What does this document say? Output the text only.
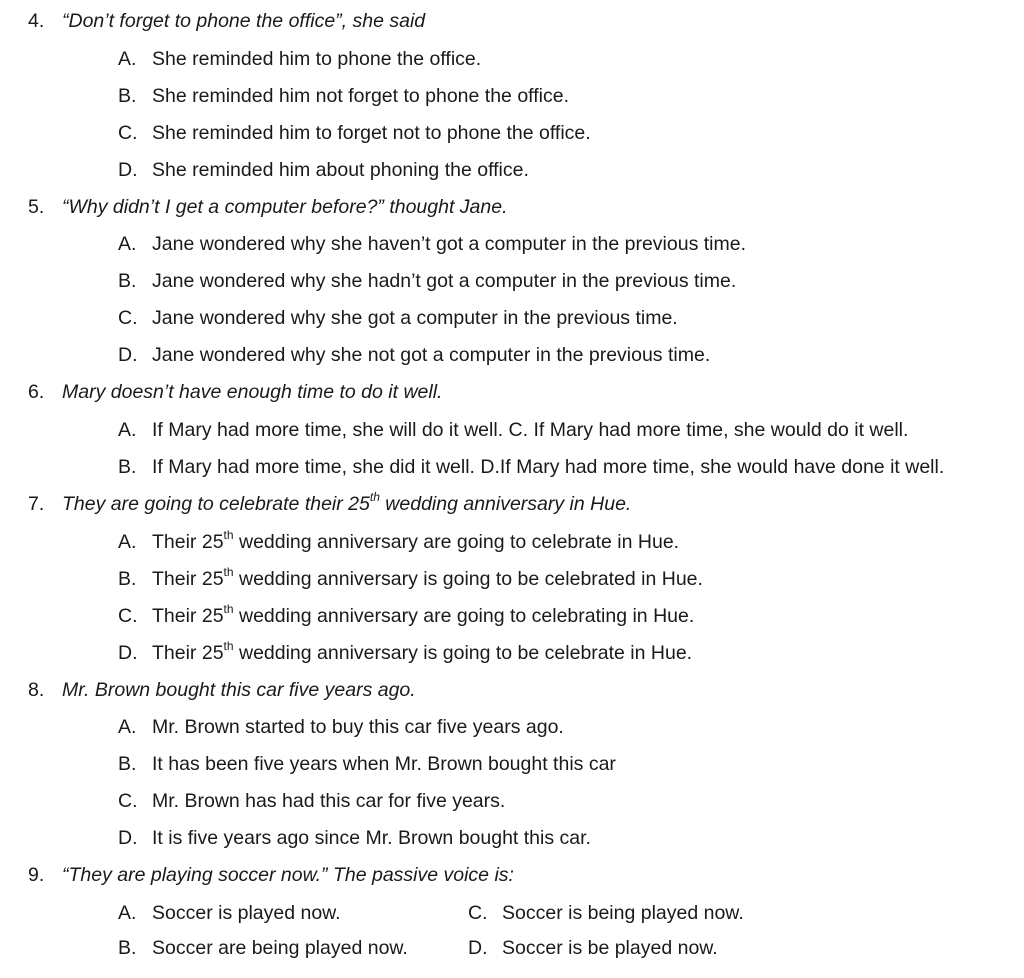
4. “Don’t forget to phone the office”, she said
A. She reminded him to phone the office.
B. She reminded him not forget to phone the office.
C. She reminded him to forget not to phone the office.
D. She reminded him about phoning the office.
5. “Why didn’t I get a computer before?” thought Jane.
A. Jane wondered why she haven’t got a computer in the previous time.
B. Jane wondered why she hadn’t got a computer in the previous time.
C. Jane wondered why she got a computer in the previous time.
D. Jane wondered why she not got a computer in the previous time.
6. Mary doesn’t have enough time to do it well.
A. If Mary had more time, she will do it well. C. If Mary had more time, she would do it well.
B. If Mary had more time, she did it well. D.If Mary had more time, she would have done it well.
7. They are going to celebrate their 25th wedding anniversary in Hue.
A. Their 25th wedding anniversary are going to celebrate in Hue.
B. Their 25th wedding anniversary is going to be celebrated in Hue.
C. Their 25th wedding anniversary are going to celebrating in Hue.
D. Their 25th wedding anniversary is going to be celebrate in Hue.
8. Mr. Brown bought this car five years ago.
A. Mr. Brown started to buy this car five years ago.
B. It has been five years when Mr. Brown bought this car
C. Mr. Brown has had this car for five years.
D. It is five years ago since Mr. Brown bought this car.
9. “They are playing soccer now.” The passive voice is:
A. Soccer is played now.	C. Soccer is being played now.
B. Soccer are being played now.	D. Soccer is be played now.
